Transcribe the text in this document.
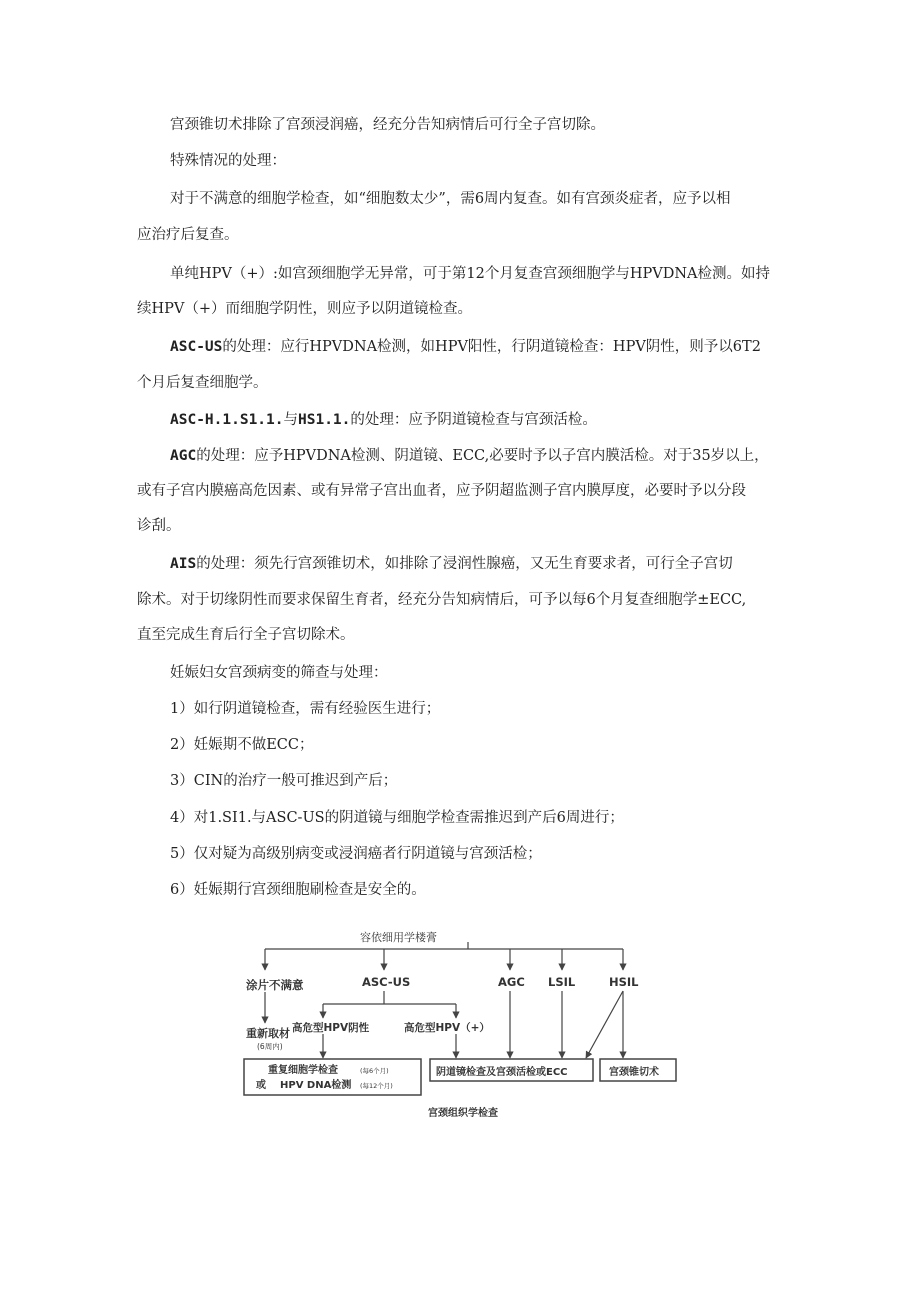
宫颈锥切术排除了宫颈浸润癌，经充分告知病情后可行全子宫切除。

特殊情况的处理：

对于不满意的细胞学检查，如“细胞数太少”，需6周内复查。如有宫颈炎症者，应予以相

应治疗后复查。

单纯HPV（+）:如宫颈细胞学无异常，可于第12个月复查宫颈细胞学与HPVDNA检测。如持

续HPV（+）而细胞学阴性，则应予以阴道镜检查。

ASC-US的处理：应行HPVDNA检测，如HPV阳性，行阴道镜检查：HPV阴性，则予以6T2

个月后复查细胞学。

ASC-H.1.S1.1.与HS1.1.的处理：应予阴道镜检查与宫颈活检。

AGC的处理：应予HPVDNA检测、阴道镜、ECC,必要时予以子宫内膜活检。对于35岁以上，

或有子宫内膜癌高危因素、或有异常子宫出血者，应予阴超监测子宫内膜厚度，必要时予以分段

诊刮。

AIS的处理：须先行宫颈锥切术，如排除了浸润性腺癌，又无生育要求者，可行全子宫切

除术。对于切缘阴性而要求保留生育者，经充分告知病情后，可予以每6个月复查细胞学±ECC,

直至完成生育后行全子宫切除术。

妊娠妇女宫颈病变的筛查与处理：

1）如行阴道镜检查，需有经验医生进行；

2）妊娠期不做ECC；

3）CIN的治疗一般可推迟到产后；

4）对1.SI1.与ASC-US的阴道镜与细胞学检查需推迟到产后6周进行；

5）仅对疑为高级别病变或浸润癌者行阴道镜与宫颈活检；

6）妊娠期行宫颈细胞刷检查是安全的。

容依细用学楼膏
涂片不满意	ASC-US	AGC LSIL	HSIL
重新取材
(6周内)
高危型HPV阴性	高危型HPV（+）
重复细胞学检查	(每6个月)
或 HPV DNA检测 (每12个月)
阴道镜检查及宫颈活检或ECC	宫颈锥切术
宫颈组织学检查
